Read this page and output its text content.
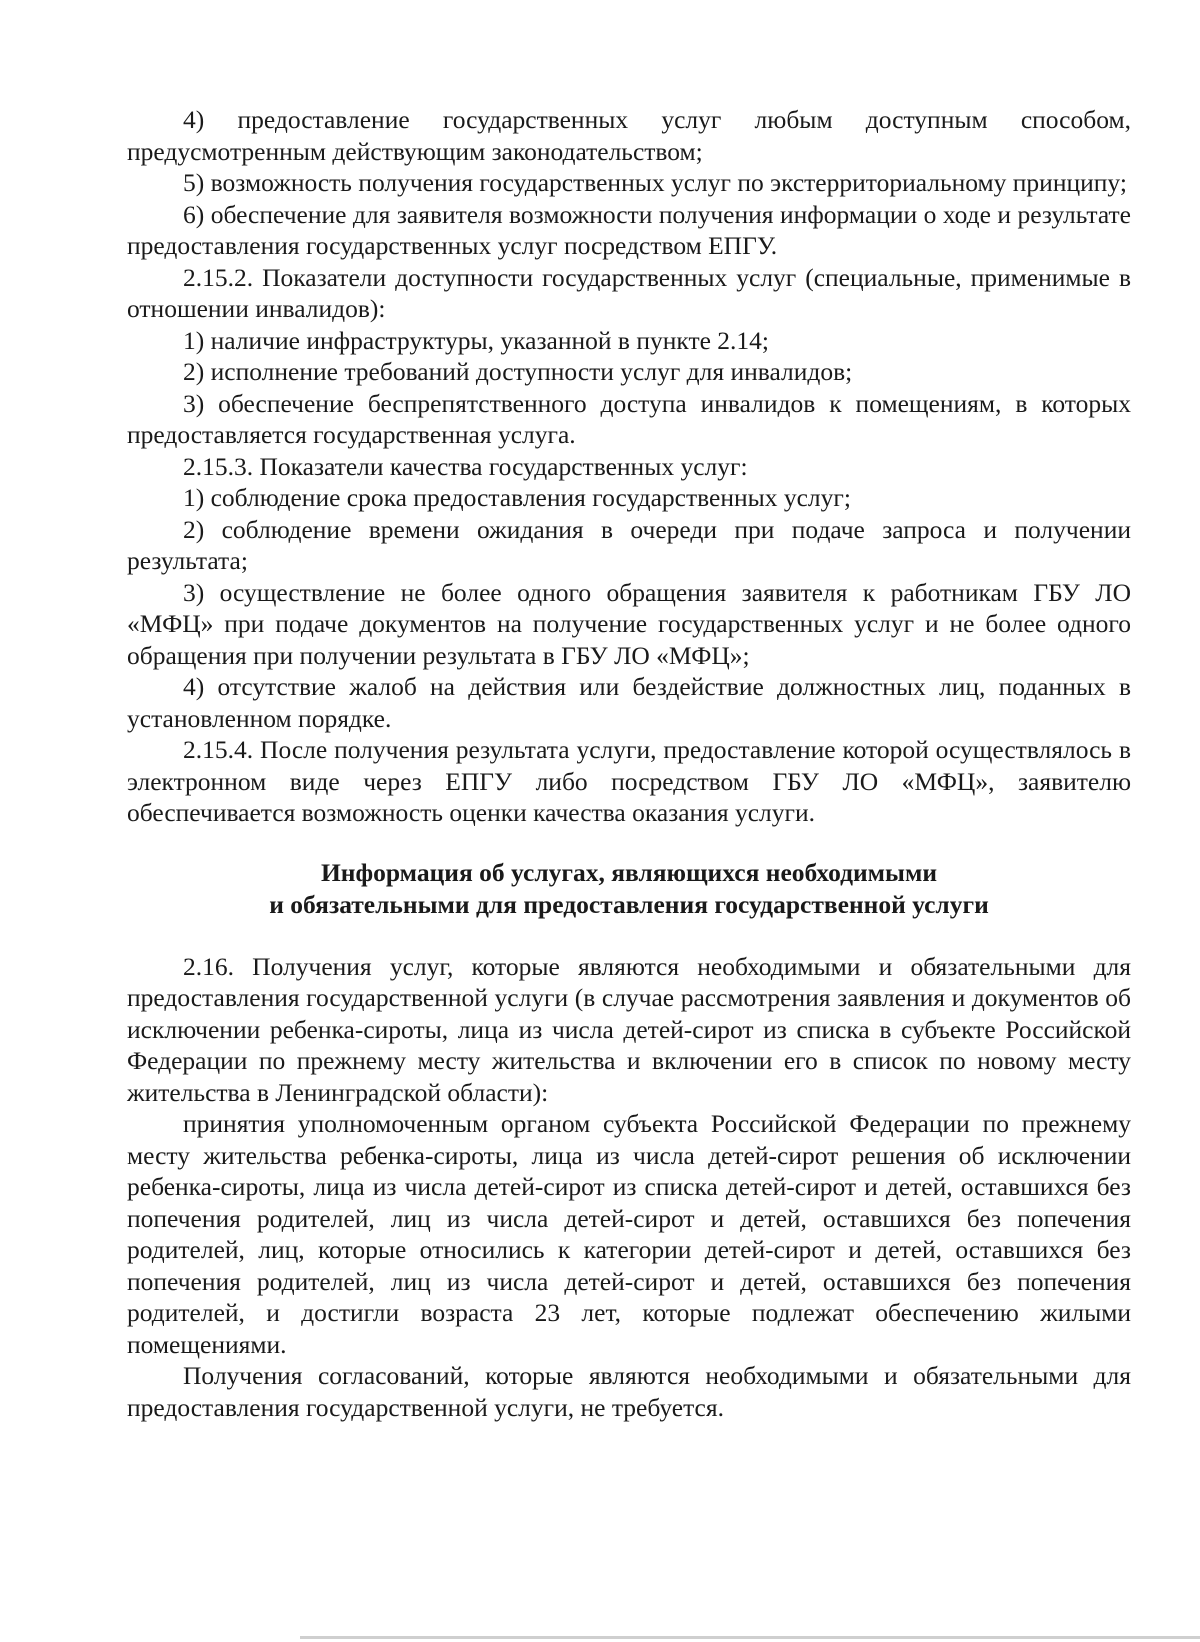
4) предоставление государственных услуг любым доступным способом, предусмотренным действующим законодательством;

5) возможность получения государственных услуг по экстерриториальному принципу;

6) обеспечение для заявителя возможности получения информации о ходе и результате предоставления государственных услуг посредством ЕПГУ.

2.15.2. Показатели доступности государственных услуг (специальные, применимые в отношении инвалидов):

1) наличие инфраструктуры, указанной в пункте 2.14;

2) исполнение требований доступности услуг для инвалидов;

3) обеспечение беспрепятственного доступа инвалидов к помещениям, в которых предоставляется государственная услуга.

2.15.3. Показатели качества государственных услуг:

1) соблюдение срока предоставления государственных услуг;

2) соблюдение времени ожидания в очереди при подаче запроса и получении результата;

3) осуществление не более одного обращения заявителя к работникам ГБУ ЛО «МФЦ» при подаче документов на получение государственных услуг и не более одного обращения при получении результата в ГБУ ЛО «МФЦ»;

4) отсутствие жалоб на действия или бездействие должностных лиц, поданных в установленном порядке.

2.15.4. После получения результата услуги, предоставление которой осуществлялось в электронном виде через ЕПГУ либо посредством ГБУ ЛО «МФЦ», заявителю обеспечивается возможность оценки качества оказания услуги.

Информация об услугах, являющихся необходимыми
и обязательными для предоставления государственной услуги

2.16. Получения услуг, которые являются необходимыми и обязательными для предоставления государственной услуги (в случае рассмотрения заявления и документов об исключении ребенка-сироты, лица из числа детей-сирот из списка в субъекте Российской Федерации по прежнему месту жительства и включении его в список по новому месту жительства в Ленинградской области):

принятия уполномоченным органом субъекта Российской Федерации по прежнему месту жительства ребенка-сироты, лица из числа детей-сирот решения об исключении ребенка-сироты, лица из числа детей-сирот из списка детей-сирот и детей, оставшихся без попечения родителей, лиц из числа детей-сирот и детей, оставшихся без попечения родителей, лиц, которые относились к категории детей-сирот и детей, оставшихся без попечения родителей, лиц из числа детей-сирот и детей, оставшихся без попечения родителей, и достигли возраста 23 лет, которые подлежат обеспечению жилыми помещениями.

Получения согласований, которые являются необходимыми и обязательными для предоставления государственной услуги, не требуется.
